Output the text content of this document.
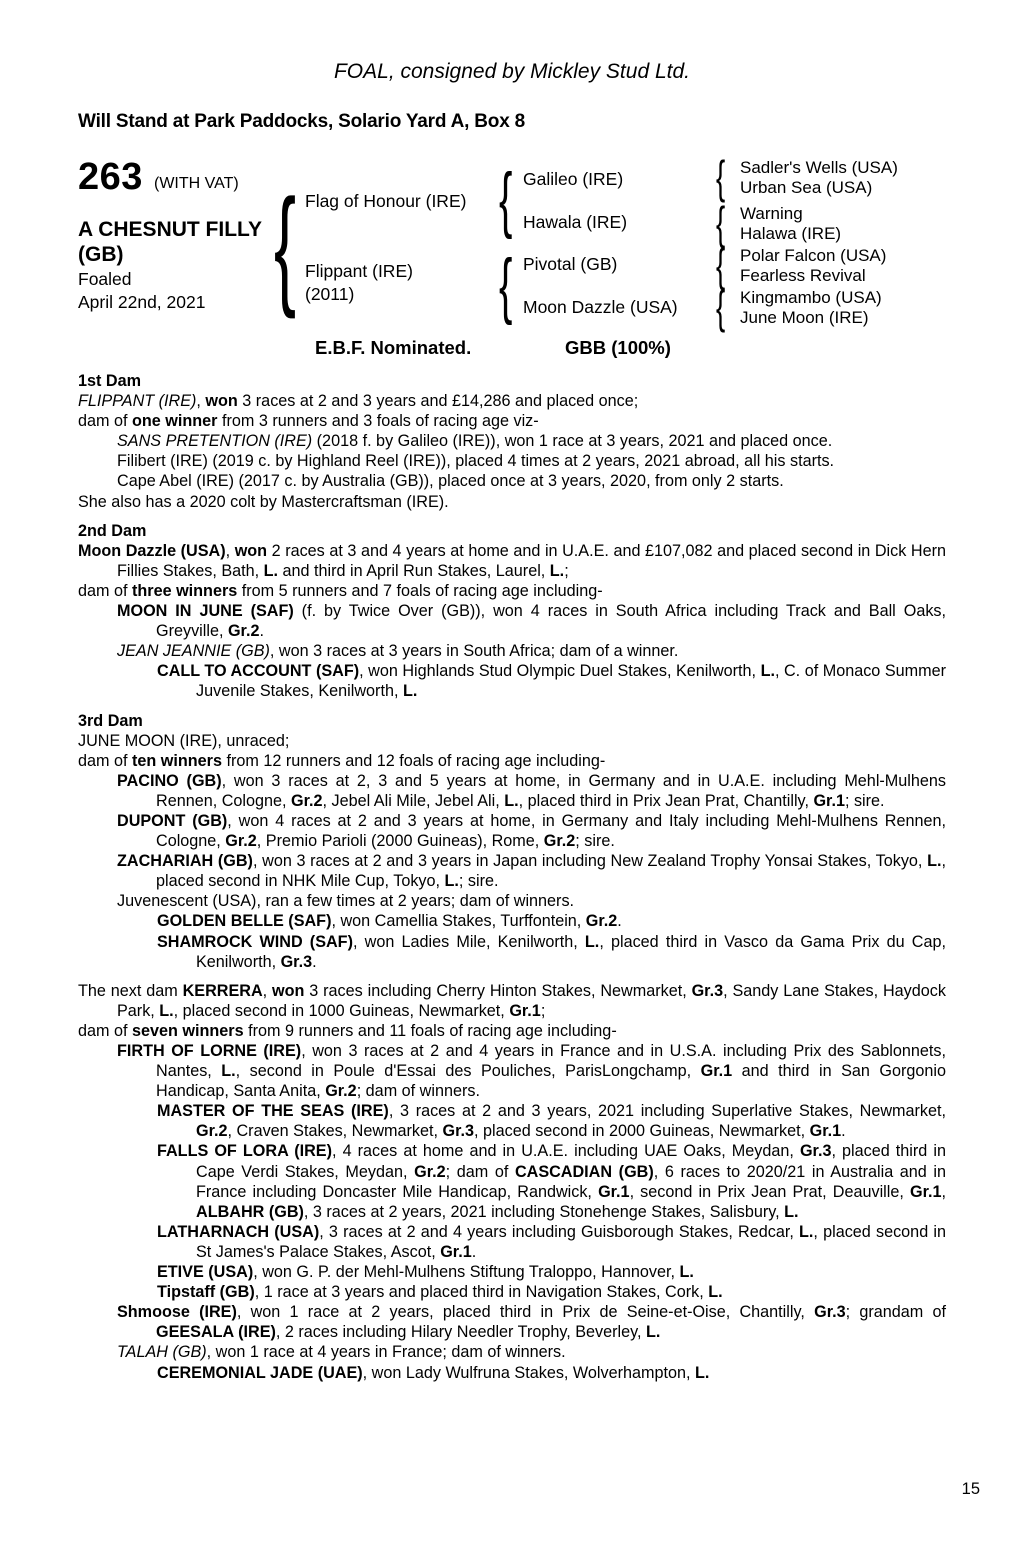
FOAL, consigned by Mickley Stud Ltd.
Will Stand at Park Paddocks, Solario Yard A, Box 8
263 (WITH VAT)
A CHESNUT FILLY
(GB)
Foaled
April 22nd, 2021 {	{
{
{
{
{
{
Flag of Honour (IRE)
Flippant (IRE)
(2011)
Galileo (IRE)
Hawala (IRE)
Pivotal (GB)
Moon Dazzle (USA)
Sadler's Wells (USA)
Urban Sea (USA)
Warning
Halawa (IRE)
Polar Falcon (USA)
Fearless Revival
Kingmambo (USA)
June Moon (IRE)
E.B.F. Nominated.	GBB (100%)
1st Dam
FLIPPANT (IRE), won 3 races at 2 and 3 years and £14,286 and placed once;
dam of one winner from 3 runners and 3 foals of racing age viz-
SANS PRETENTION (IRE) (2018 f. by Galileo (IRE)), won 1 race at 3 years, 2021 and placed once.
Filibert (IRE) (2019 c. by Highland Reel (IRE)), placed 4 times at 2 years, 2021 abroad, all his starts.
Cape Abel (IRE) (2017 c. by Australia (GB)), placed once at 3 years, 2020, from only 2 starts.
She also has a 2020 colt by Mastercraftsman (IRE).
2nd Dam
Moon Dazzle (USA), won 2 races at 3 and 4 years at home and in U.A.E. and £107,082 and placed second in Dick Hern Fillies Stakes, Bath, L. and third in April Run Stakes, Laurel, L.;
dam of three winners from 5 runners and 7 foals of racing age including-
MOON IN JUNE (SAF) (f. by Twice Over (GB)), won 4 races in South Africa including Track and Ball Oaks, Greyville, Gr.2.
JEAN JEANNIE (GB), won 3 races at 3 years in South Africa; dam of a winner.
CALL TO ACCOUNT (SAF), won Highlands Stud Olympic Duel Stakes, Kenilworth, L., C. of Monaco Summer Juvenile Stakes, Kenilworth, L.
3rd Dam
JUNE MOON (IRE), unraced;
dam of ten winners from 12 runners and 12 foals of racing age including-
PACINO (GB), won 3 races at 2, 3 and 5 years at home, in Germany and in U.A.E. including Mehl-Mulhens Rennen, Cologne, Gr.2, Jebel Ali Mile, Jebel Ali, L., placed third in Prix Jean Prat, Chantilly, Gr.1; sire.
DUPONT (GB), won 4 races at 2 and 3 years at home, in Germany and Italy including Mehl-Mulhens Rennen, Cologne, Gr.2, Premio Parioli (2000 Guineas), Rome, Gr.2; sire.
ZACHARIAH (GB), won 3 races at 2 and 3 years in Japan including New Zealand Trophy Yonsai Stakes, Tokyo, L., placed second in NHK Mile Cup, Tokyo, L.; sire.
Juvenescent (USA), ran a few times at 2 years; dam of winners.
GOLDEN BELLE (SAF), won Camellia Stakes, Turffontein, Gr.2.
SHAMROCK WIND (SAF), won Ladies Mile, Kenilworth, L., placed third in Vasco da Gama Prix du Cap, Kenilworth, Gr.3.
The next dam KERRERA, won 3 races including Cherry Hinton Stakes, Newmarket, Gr.3, Sandy Lane Stakes, Haydock Park, L., placed second in 1000 Guineas, Newmarket, Gr.1;
dam of seven winners from 9 runners and 11 foals of racing age including-
FIRTH OF LORNE (IRE), won 3 races at 2 and 4 years in France and in U.S.A. including Prix des Sablonnets, Nantes, L., second in Poule d'Essai des Pouliches, ParisLongchamp, Gr.1 and third in San Gorgonio Handicap, Santa Anita, Gr.2; dam of winners.
MASTER OF THE SEAS (IRE), 3 races at 2 and 3 years, 2021 including Superlative Stakes, Newmarket, Gr.2, Craven Stakes, Newmarket, Gr.3, placed second in 2000 Guineas, Newmarket, Gr.1.
FALLS OF LORA (IRE), 4 races at home and in U.A.E. including UAE Oaks, Meydan, Gr.3, placed third in Cape Verdi Stakes, Meydan, Gr.2; dam of CASCADIAN (GB), 6 races to 2020/21 in Australia and in France including Doncaster Mile Handicap, Randwick, Gr.1, second in Prix Jean Prat, Deauville, Gr.1, ALBAHR (GB), 3 races at 2 years, 2021 including Stonehenge Stakes, Salisbury, L.
LATHARNACH (USA), 3 races at 2 and 4 years including Guisborough Stakes, Redcar, L., placed second in St James's Palace Stakes, Ascot, Gr.1.
ETIVE (USA), won G. P. der Mehl-Mulhens Stiftung Traloppo, Hannover, L.
Tipstaff (GB), 1 race at 3 years and placed third in Navigation Stakes, Cork, L.
Shmoose (IRE), won 1 race at 2 years, placed third in Prix de Seine-et-Oise, Chantilly, Gr.3; grandam of GEESALA (IRE), 2 races including Hilary Needler Trophy, Beverley, L.
TALAH (GB), won 1 race at 4 years in France; dam of winners.
CEREMONIAL JADE (UAE), won Lady Wulfruna Stakes, Wolverhampton, L.
15
